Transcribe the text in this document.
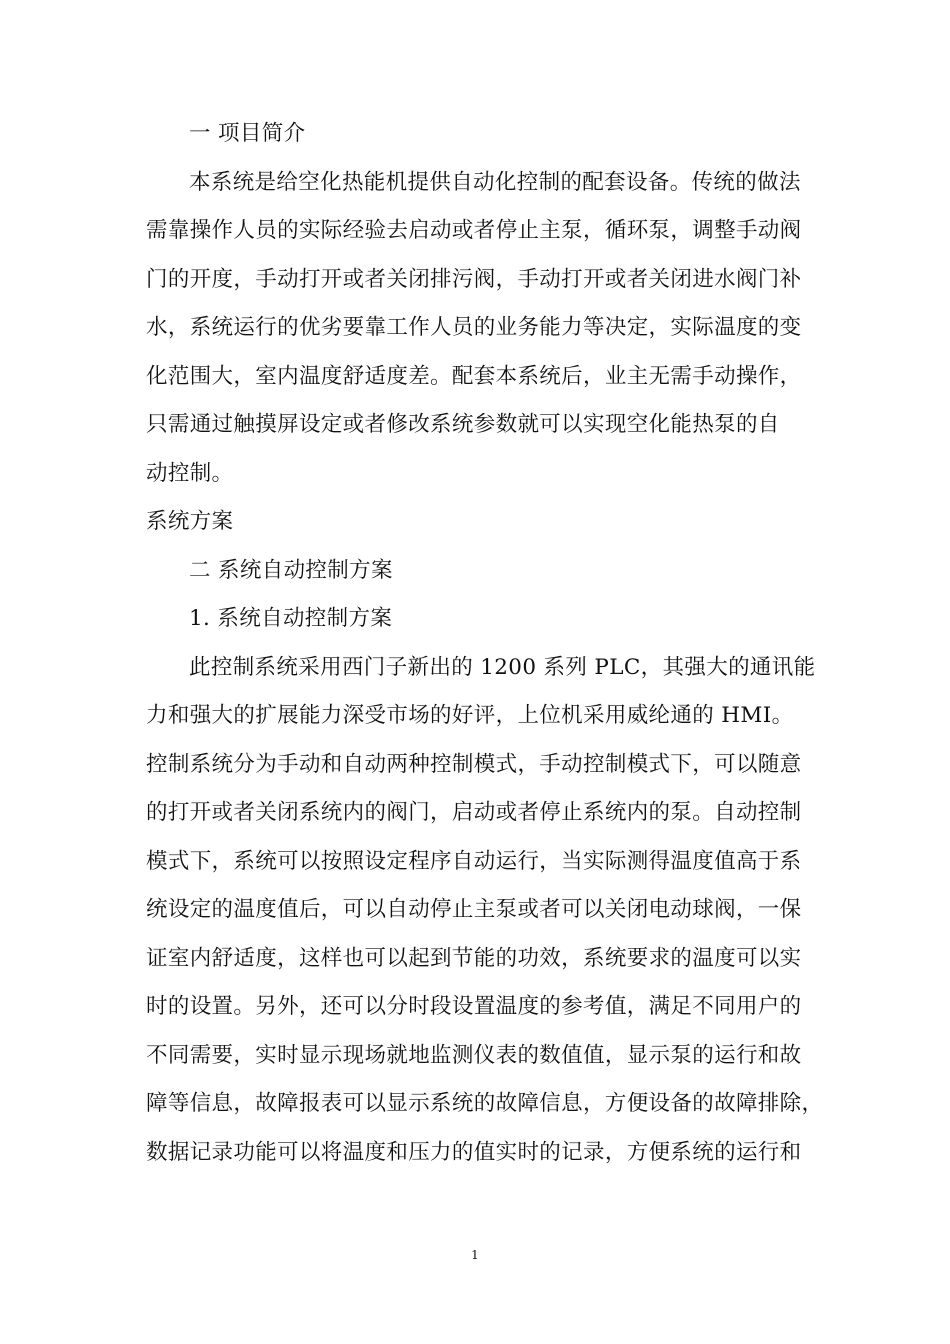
一 项目简介
本系统是给空化热能机提供自动化控制的配套设备。传统的做法
需靠操作人员的实际经验去启动或者停止主泵，循环泵，调整手动阀
门的开度，手动打开或者关闭排污阀，手动打开或者关闭进水阀门补
水，系统运行的优劣要靠工作人员的业务能力等决定，实际温度的变
化范围大，室内温度舒适度差。配套本系统后，业主无需手动操作，
只需通过触摸屏设定或者修改系统参数就可以实现空化能热泵的自
动控制。
系统方案
二 系统自动控制方案
1. 系统自动控制方案
此控制系统采用西门子新出的 1200 系列 PLC，其强大的通讯能
力和强大的扩展能力深受市场的好评，上位机采用威纶通的 HMI。
控制系统分为手动和自动两种控制模式，手动控制模式下，可以随意
的打开或者关闭系统内的阀门，启动或者停止系统内的泵。自动控制
模式下，系统可以按照设定程序自动运行，当实际测得温度值高于系
统设定的温度值后，可以自动停止主泵或者可以关闭电动球阀，一保
证室内舒适度，这样也可以起到节能的功效，系统要求的温度可以实
时的设置。另外，还可以分时段设置温度的参考值，满足不同用户的
不同需要，实时显示现场就地监测仪表的数值值，显示泵的运行和故
障等信息，故障报表可以显示系统的故障信息，方便设备的故障排除，
数据记录功能可以将温度和压力的值实时的记录，方便系统的运行和
1
